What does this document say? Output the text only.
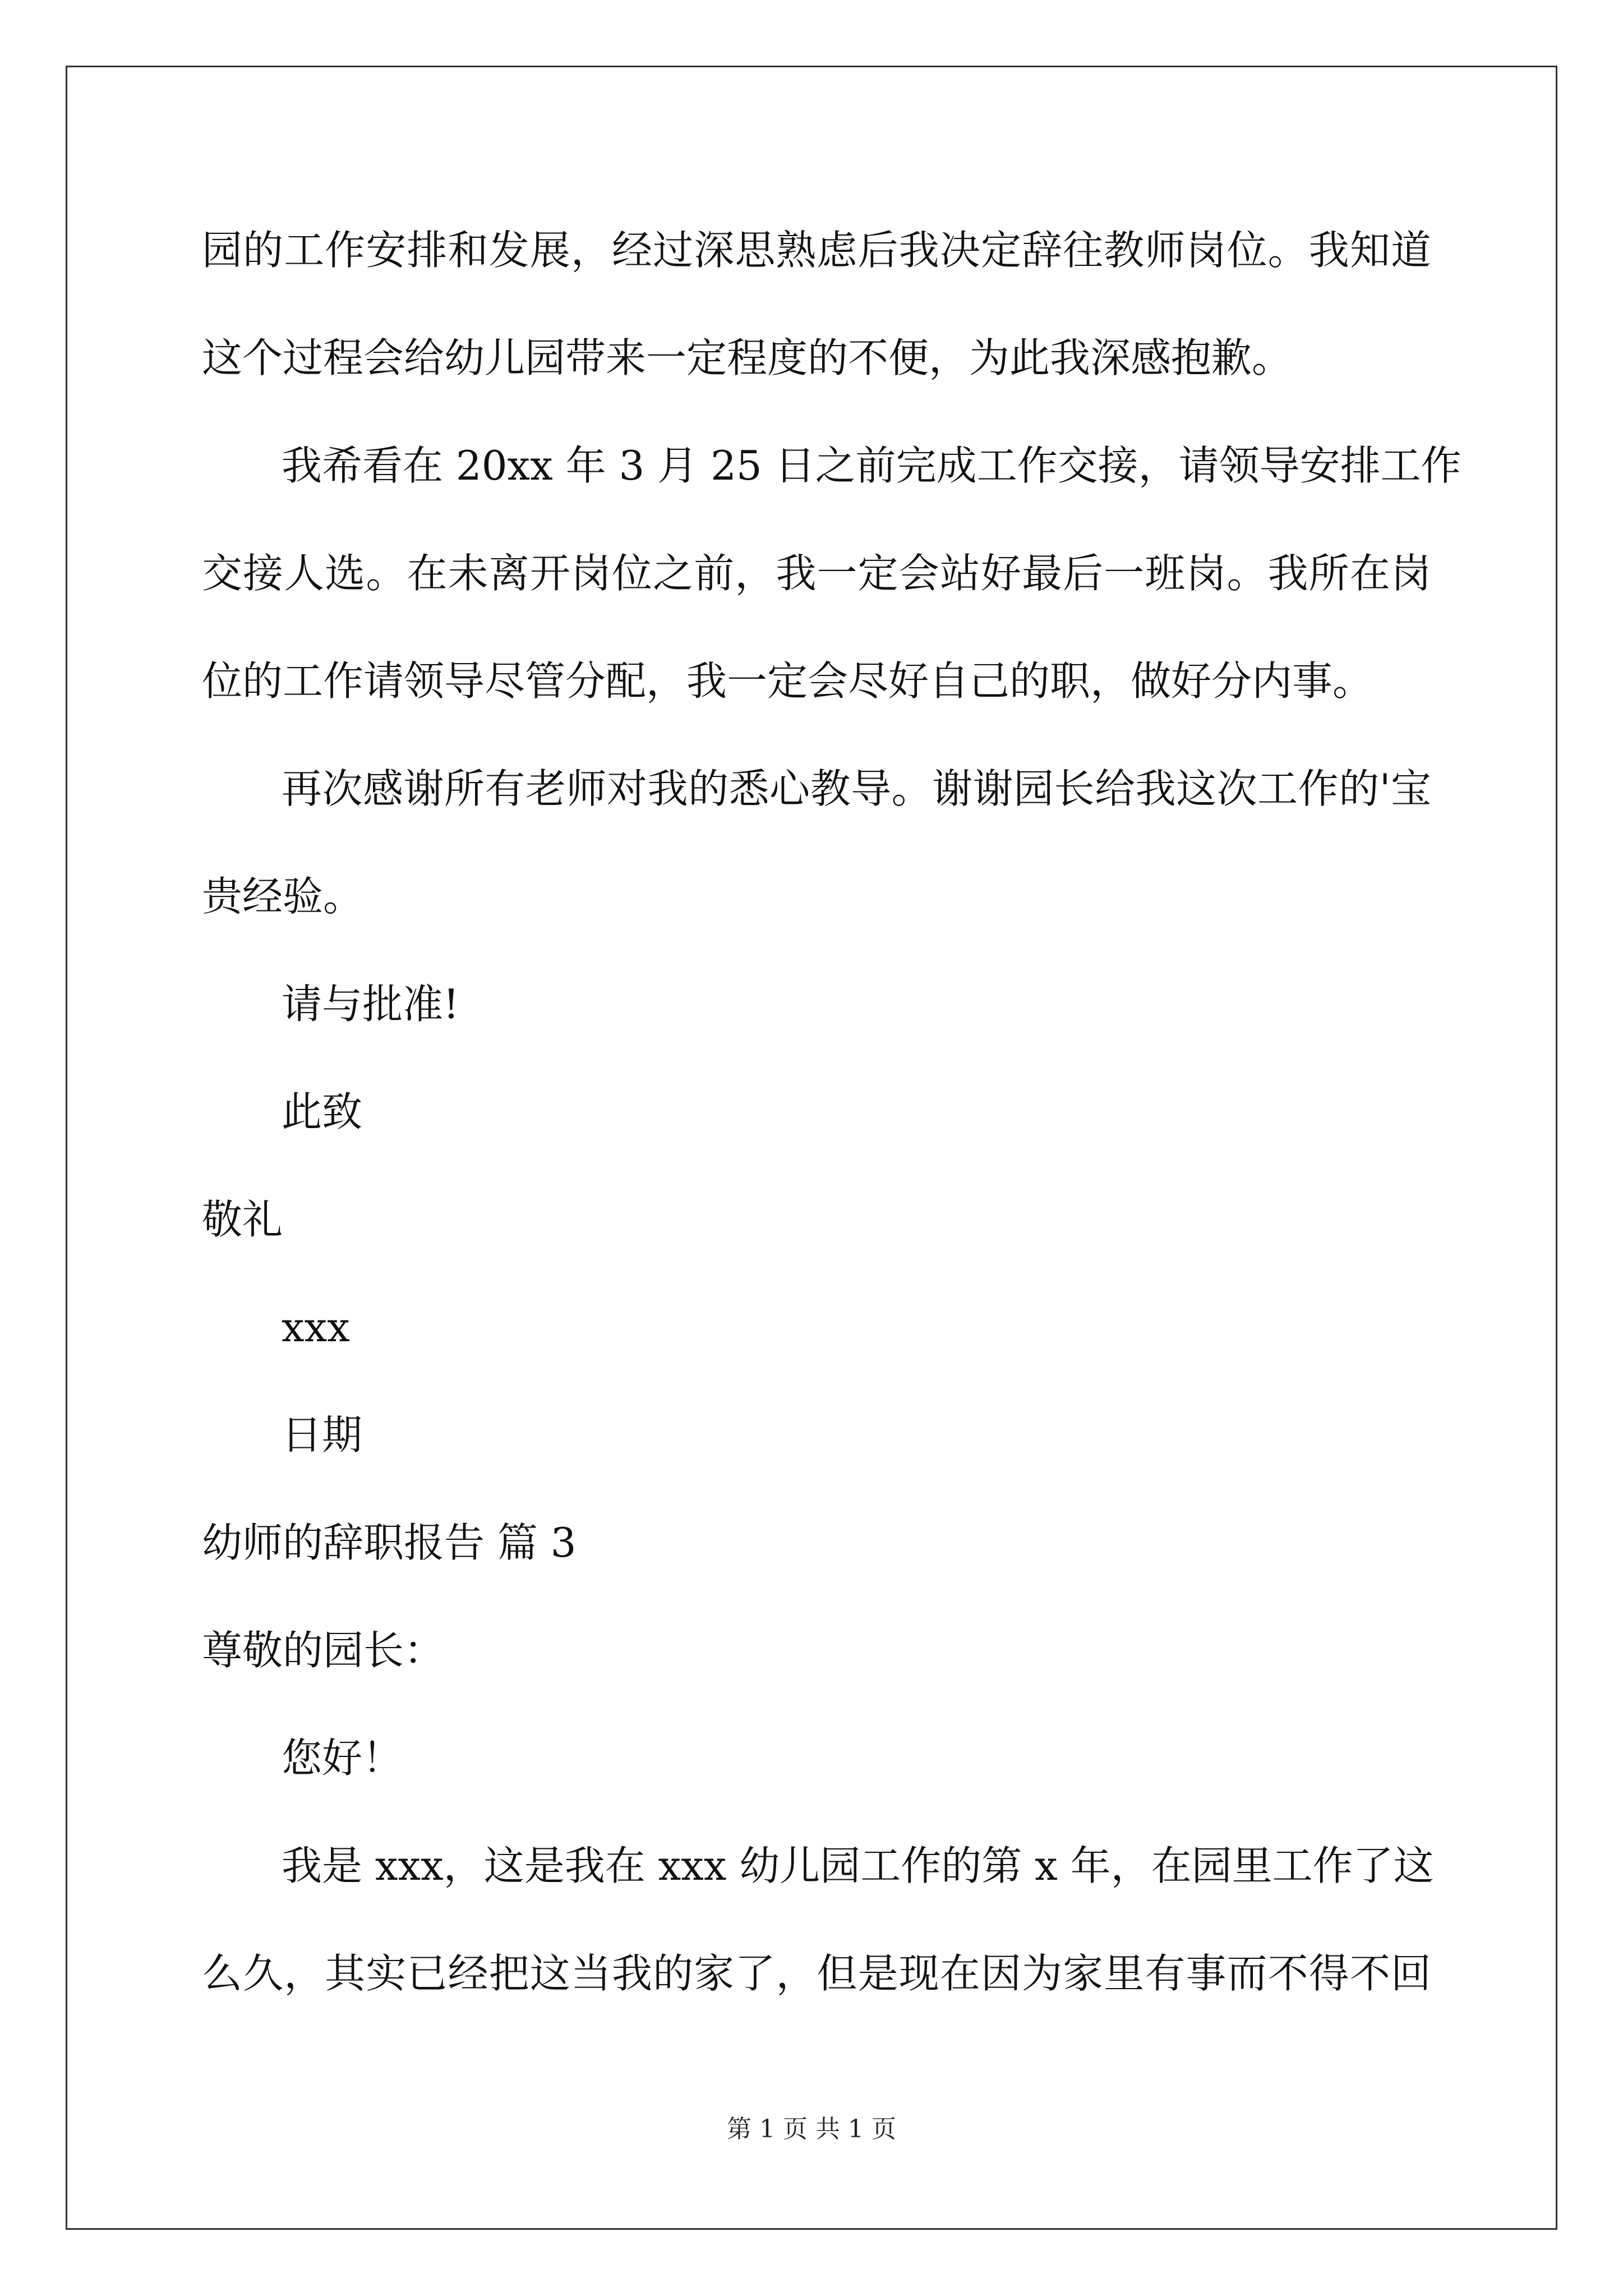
园的工作安排和发展，经过深思熟虑后我决定辞往教师岗位。我知道
这个过程会给幼儿园带来一定程度的不便，为此我深感抱歉。
我希看在 20xx 年 3 月 25 日之前完成工作交接，请领导安排工作
交接人选。在未离开岗位之前，我一定会站好最后一班岗。我所在岗
位的工作请领导尽管分配，我一定会尽好自己的职，做好分内事。
再次感谢所有老师对我的悉心教导。谢谢园长给我这次工作的'宝
贵经验。
请与批准!
此致
敬礼
xxx
日期
幼师的辞职报告 篇 3
尊敬的园长：
您好！
我是 xxx，这是我在 xxx 幼儿园工作的第 x 年，在园里工作了这
么久，其实已经把这当我的家了，但是现在因为家里有事而不得不回
第 1 页 共 1 页
